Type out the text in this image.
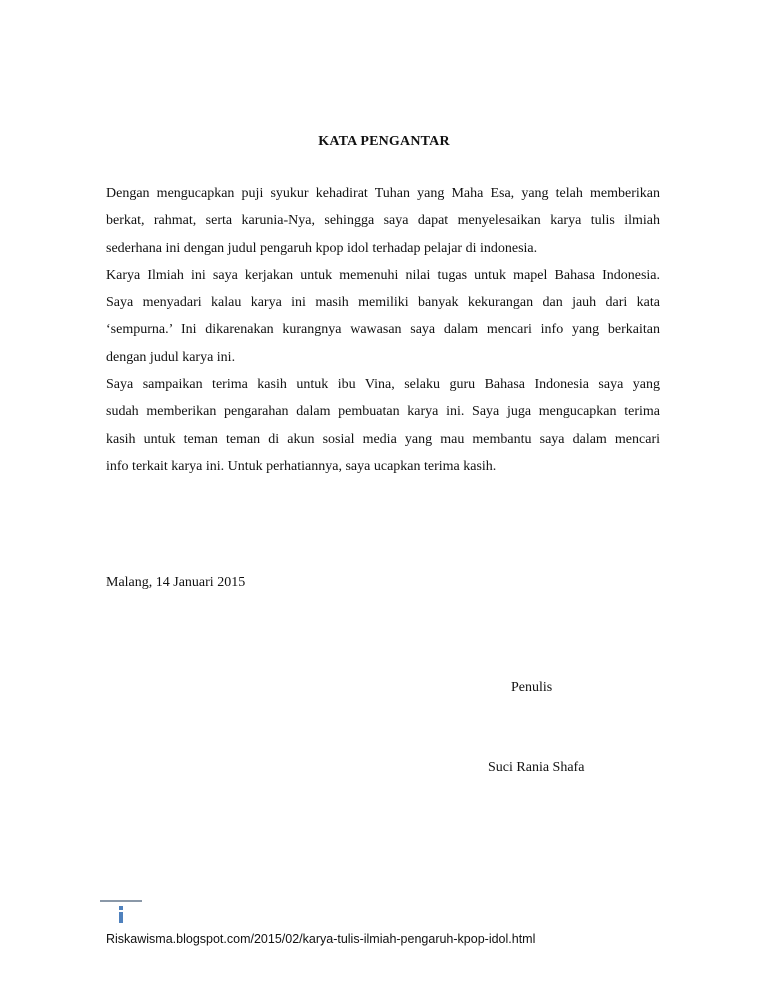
KATA PENGANTAR

Dengan mengucapkan puji syukur kehadirat Tuhan yang Maha Esa, yang telah memberikan

berkat, rahmat, serta karunia-Nya, sehingga saya dapat menyelesaikan karya tulis ilmiah

sederhana ini dengan judul pengaruh kpop idol terhadap pelajar di indonesia.

Karya Ilmiah ini saya kerjakan untuk memenuhi nilai tugas untuk mapel Bahasa Indonesia.

Saya menyadari kalau karya ini masih memiliki banyak kekurangan dan jauh dari kata

‘sempurna.’ Ini dikarenakan kurangnya wawasan saya dalam mencari info yang berkaitan

dengan judul karya ini.

Saya sampaikan terima kasih untuk ibu Vina, selaku guru Bahasa Indonesia saya yang

sudah memberikan pengarahan dalam pembuatan karya ini. Saya juga mengucapkan terima

kasih untuk teman teman di akun sosial media yang mau membantu saya dalam mencari

info terkait karya ini. Untuk perhatiannya, saya ucapkan terima kasih.

Malang, 14 Januari 2015
Penulis
Suci Rania Shafa
Riskawisma.blogspot.com/2015/02/karya-tulis-ilmiah-pengaruh-kpop-idol.html
